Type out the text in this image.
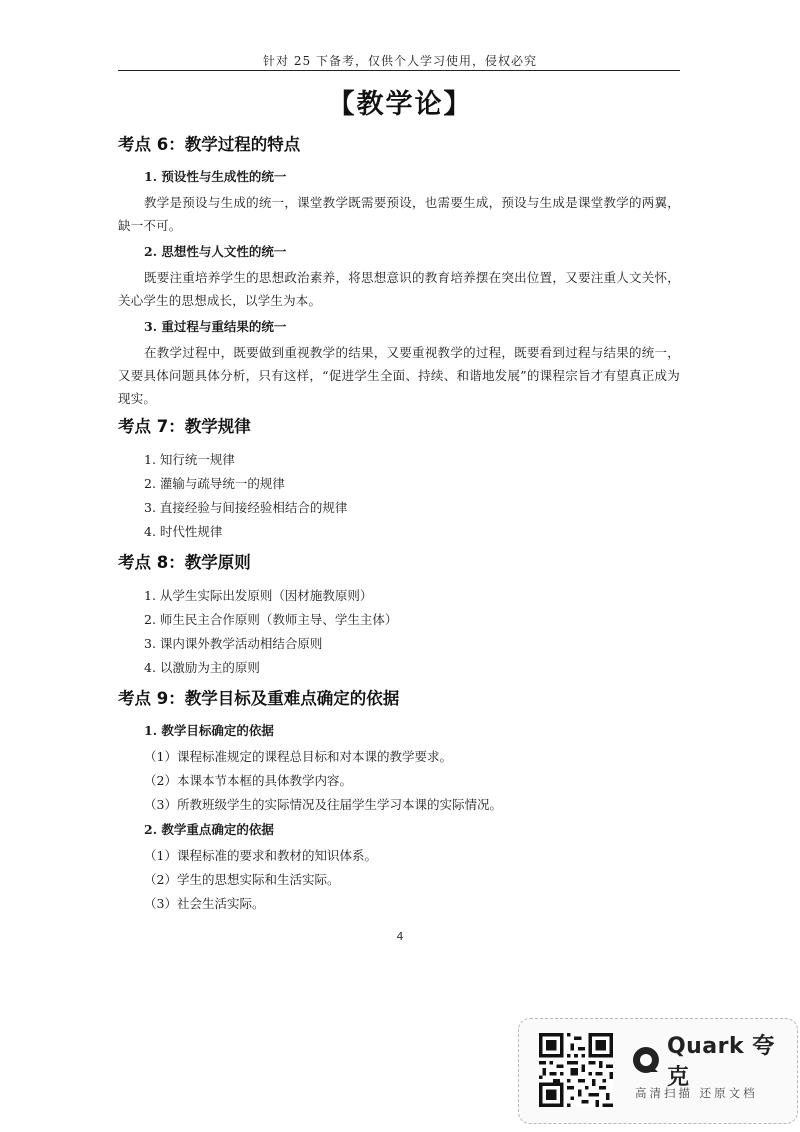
针对 25 下备考，仅供个人学习使用，侵权必究
【教学论】
考点 6：教学过程的特点
1. 预设性与生成性的统一

教学是预设与生成的统一，课堂教学既需要预设，也需要生成，预设与生成是课堂教学的两翼，缺一不可。

2. 思想性与人文性的统一

既要注重培养学生的思想政治素养，将思想意识的教育培养摆在突出位置，又要注重人文关怀，关心学生的思想成长，以学生为本。

3. 重过程与重结果的统一

在教学过程中，既要做到重视教学的结果，又要重视教学的过程，既要看到过程与结果的统一，又要具体问题具体分析，只有这样，“促进学生全面、持续、和谐地发展”的课程宗旨才有望真正成为现实。

考点 7：教学规律
1. 知行统一规律
2. 灌输与疏导统一的规律
3. 直接经验与间接经验相结合的规律
4. 时代性规律
考点 8：教学原则
1. 从学生实际出发原则（因材施教原则）
2. 师生民主合作原则（教师主导、学生主体）
3. 课内课外教学活动相结合原则
4. 以激励为主的原则
考点 9：教学目标及重难点确定的依据
1. 教学目标确定的依据
（1）课程标准规定的课程总目标和对本课的教学要求。
（2）本课本节本框的具体教学内容。
（3）所教班级学生的实际情况及往届学生学习本课的实际情况。
2. 教学重点确定的依据
（1）课程标准的要求和教材的知识体系。
（2）学生的思想实际和生活实际。
（3）社会生活实际。
4
Quark 夸克
高清扫描 还原文档
